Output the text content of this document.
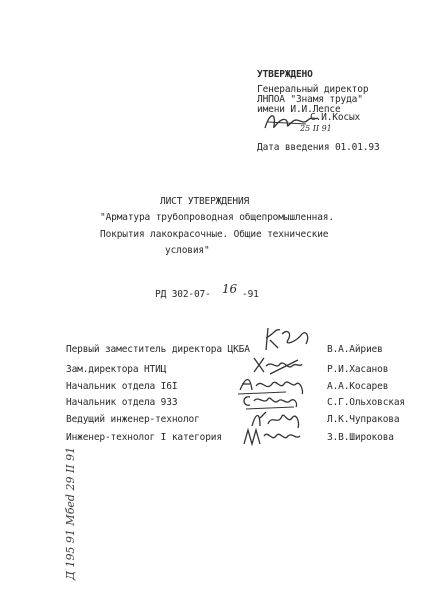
УТВЕРЖДЕНО
Генеральный директор
ЛНПОА "Знамя труда"
имени И.И.Лепсе
С.И.Косых
25 II 91
Дата введения 01.01.93
ЛИСТ УТВЕРЖДЕНИЯ
"Арматура трубопроводная общепромышленная.
Покрытия лакокрасочные. Общие технические
условия"
РД 302-07- 16 -91
Первый заместитель директора ЦКБА
Зам.директора НТИЦ
Начальник отдела I6I
Начальник отдела 933
Ведущий инженер-технолог
Инженер-технолог I категория
В.А.Айриев
Р.И.Хасанов
А.А.Косарев
С.Г.Ольховская
Л.К.Чупракова
З.В.Широкова
Д 195 91 Мбеd 29 II 91
